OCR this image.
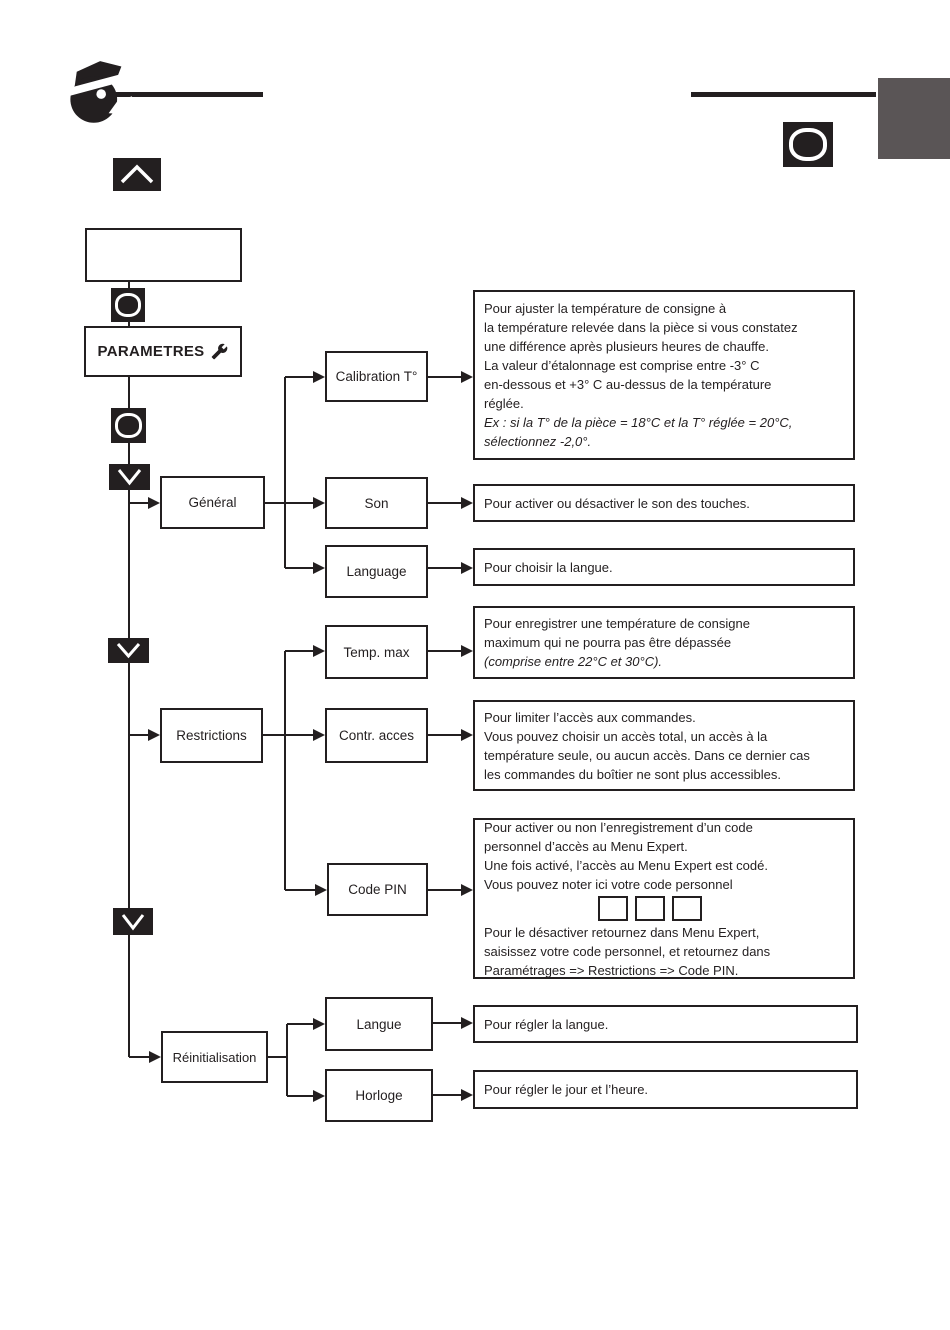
PARAMETRES
Général
Restrictions
Réinitialisation
Calibration T°
Son
Language
Temp. max
Contr. acces
Code PIN
Langue
Horloge
Pour ajuster la température de consigne à
la température relevée dans la pièce si vous constatez
une différence après plusieurs heures de chauffe.
La valeur d’étalonnage est comprise entre -3° C
en-dessous et +3° C au-dessus de la température
réglée.
Ex : si la T° de la pièce = 18°C et la T° réglée = 20°C,
sélectionnez -2,0°.
Pour activer ou désactiver le son des touches.
Pour choisir la langue.
Pour enregistrer une température de consigne
maximum qui ne pourra pas être dépassée
(comprise entre 22°C et 30°C).
Pour limiter l’accès aux commandes.
Vous pouvez choisir un accès total, un accès à la
température seule, ou aucun accès. Dans ce dernier cas
les commandes du boîtier ne sont plus accessibles.
Pour activer ou non l’enregistrement d’un code
personnel d’accès au Menu Expert.
Une fois activé, l’accès au Menu Expert est codé.
Vous pouvez noter ici votre code personnel
Pour le désactiver retournez dans Menu Expert,
saisissez votre code personnel, et retournez dans
Paramétrages => Restrictions => Code PIN.
Pour régler la langue.
Pour régler le jour et l’heure.
